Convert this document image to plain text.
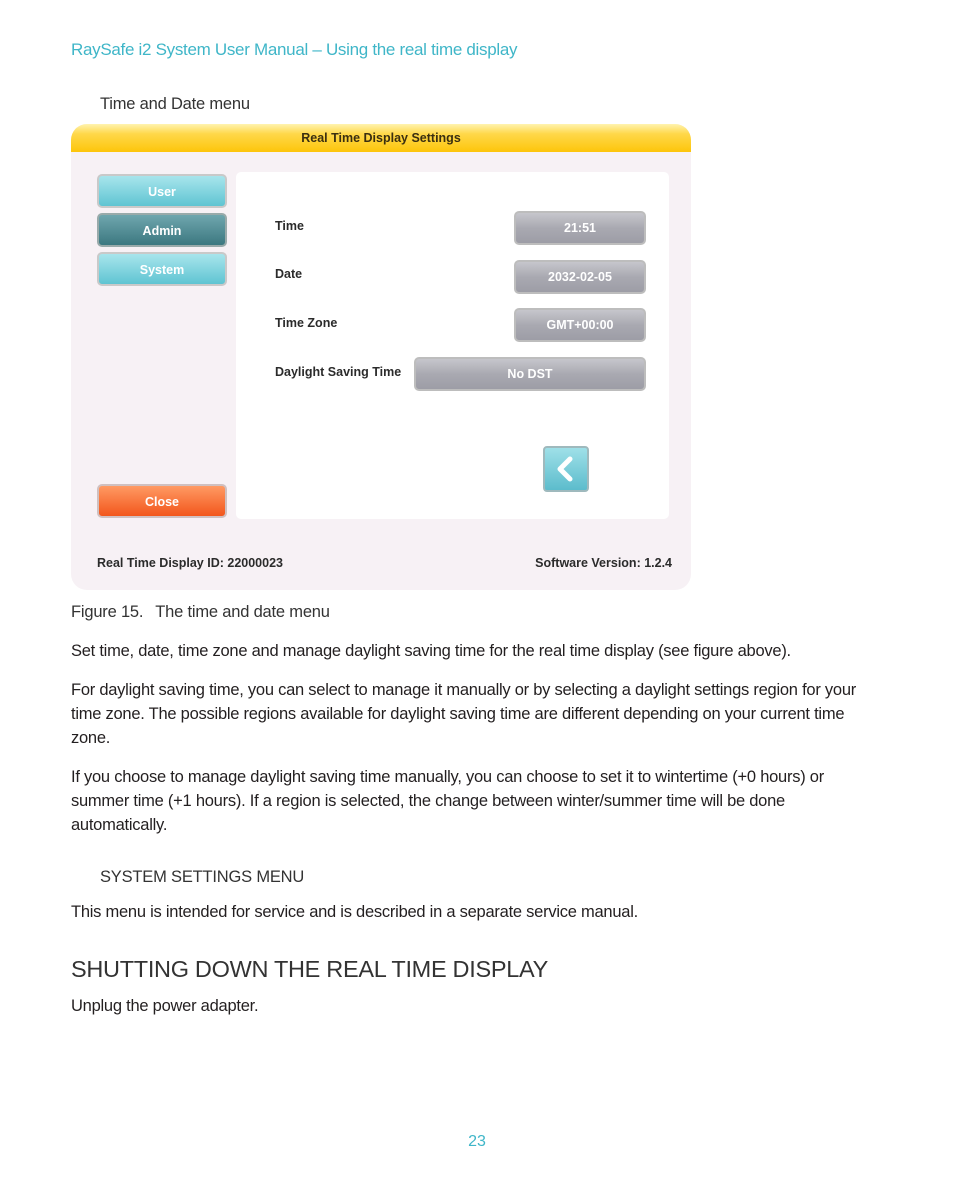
RaySafe i2 System User Manual – Using the real time display
Time and Date menu
Real Time Display Settings
User
Admin
System
Close
Time	21:51
Date	2032-02-05
Time Zone	GMT+00:00
Daylight Saving Time	No DST
Real Time Display ID: 22000023	Software Version: 1.2.4
Figure 15. The time and date menu
Set time, date, time zone and manage daylight saving time for the real time display (see figure above).
For daylight saving time, you can select to manage it manually or by selecting a daylight settings region for your time zone. The possible regions available for daylight saving time are different depending on your current time zone.
If you choose to manage daylight saving time manually, you can choose to set it to wintertime (+0 hours) or summer time (+1 hours). If a region is selected, the change between winter/summer time will be done automatically.
SYSTEM SETTINGS MENU
This menu is intended for service and is described in a separate service manual.
SHUTTING DOWN THE REAL TIME DISPLAY
Unplug the power adapter.
23
